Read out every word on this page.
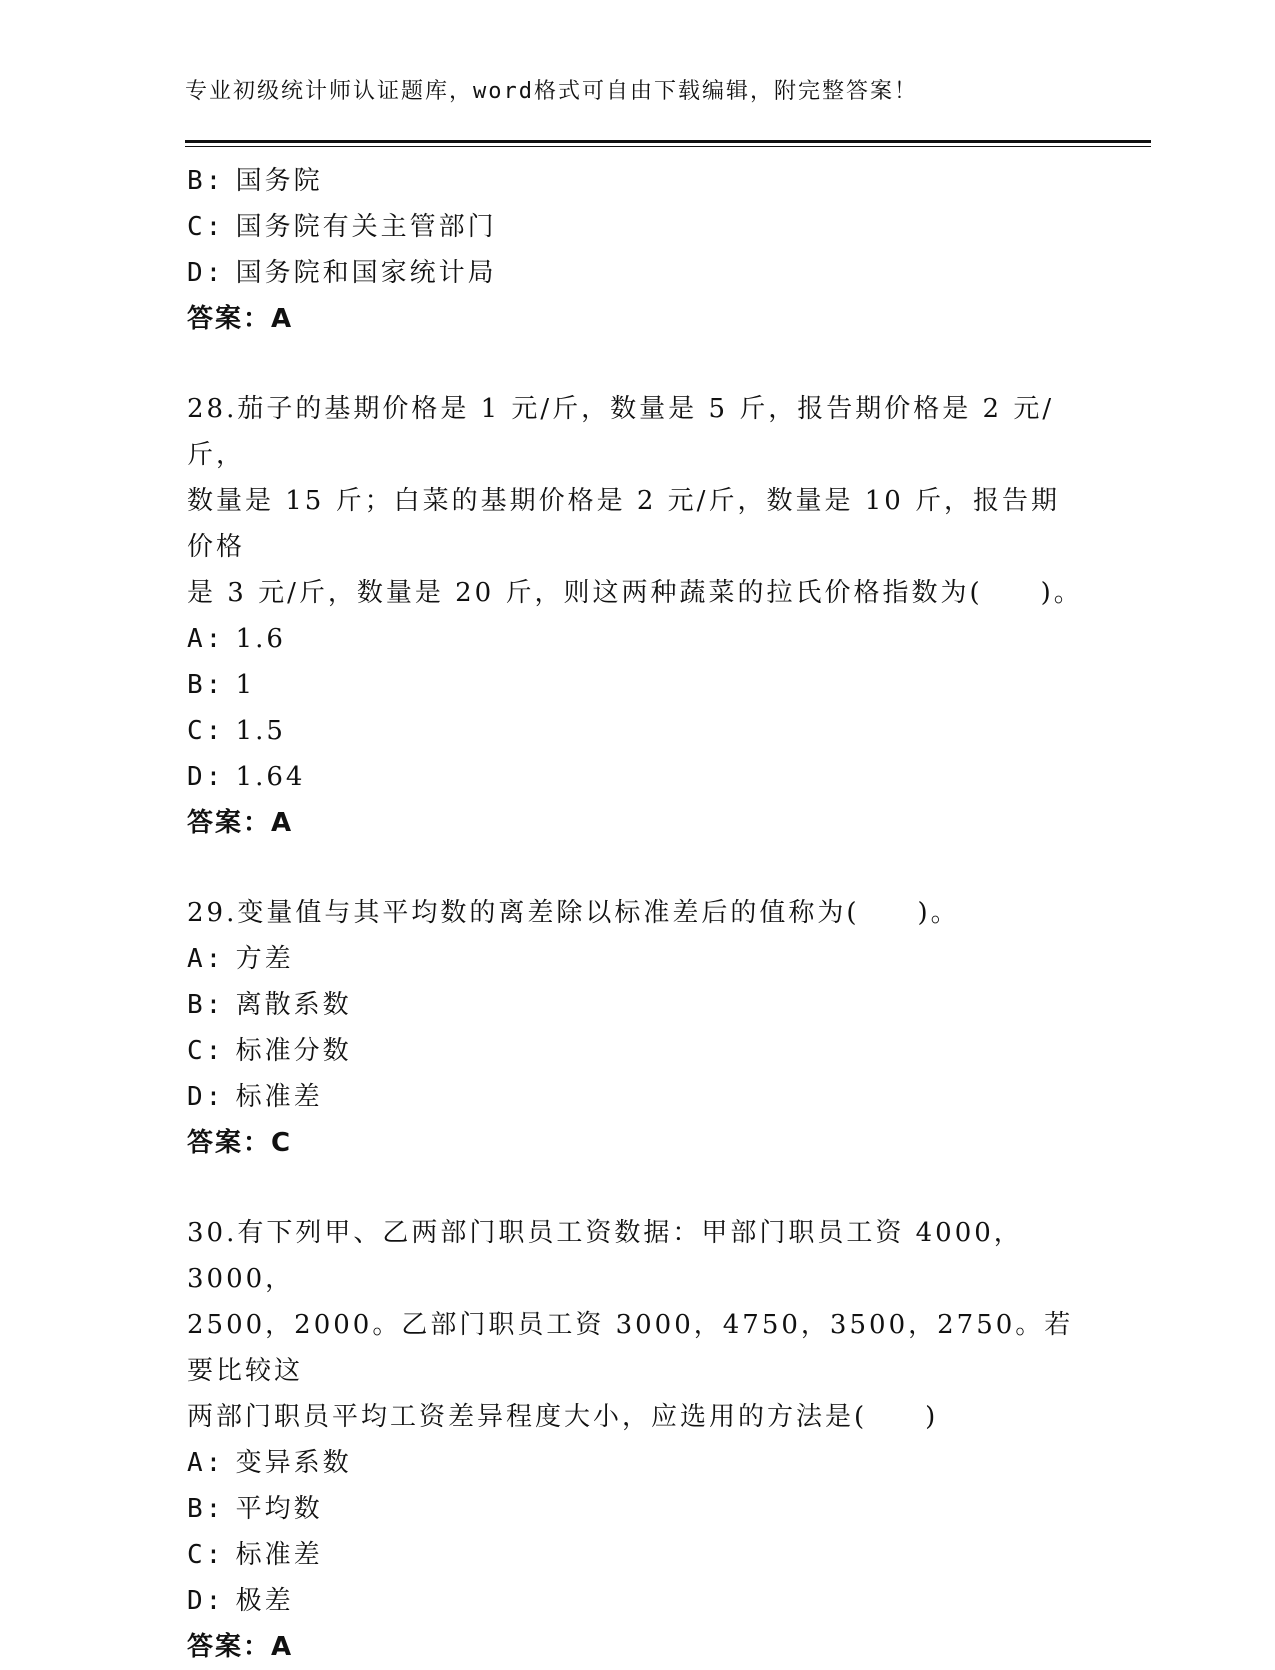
专业初级统计师认证题库，word格式可自由下载编辑，附完整答案！
B: 国务院
C: 国务院有关主管部门
D: 国务院和国家统计局
答案：A
28.茄子的基期价格是 1 元/斤，数量是 5 斤，报告期价格是 2 元/斤，
数量是 15 斤；白菜的基期价格是 2 元/斤，数量是 10 斤，报告期价格
是 3 元/斤，数量是 20 斤，则这两种蔬菜的拉氏价格指数为(　　)。
A: 1.6
B: 1
C: 1.5
D: 1.64
答案：A
29.变量值与其平均数的离差除以标准差后的值称为(　　)。
A: 方差
B: 离散系数
C: 标准分数
D: 标准差
答案：C
30.有下列甲、乙两部门职员工资数据：甲部门职员工资 4000，3000，
2500，2000。乙部门职员工资 3000，4750，3500，2750。若要比较这
两部门职员平均工资差异程度大小，应选用的方法是(　　)
A: 变异系数
B: 平均数
C: 标准差
D: 极差
答案：A
